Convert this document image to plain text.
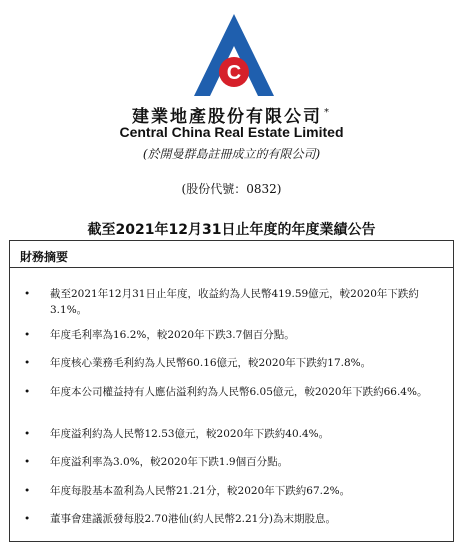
C
建業地產股份有限公司 *
Central China Real Estate Limited
(於開曼群島註冊成立的有限公司)
(股份代號：0832)
截至2021年12月31日止年度的年度業績公告
財務摘要
• 截至2021年12月31日止年度，收益約為人民幣419.59億元，較2020年下跌約3.1%。
• 年度毛利率為16.2%，較2020年下跌3.7個百分點。
• 年度核心業務毛利約為人民幣60.16億元，較2020年下跌約17.8%。
• 年度本公司權益持有人應佔溢利約為人民幣6.05億元，較2020年下跌約66.4%。
• 年度溢利約為人民幣12.53億元，較2020年下跌約40.4%。
• 年度溢利率為3.0%，較2020年下跌1.9個百分點。
• 年度每股基本盈利為人民幣21.21分，較2020年下跌約67.2%。
• 董事會建議派發每股2.70港仙(約人民幣2.21分)為末期股息。
